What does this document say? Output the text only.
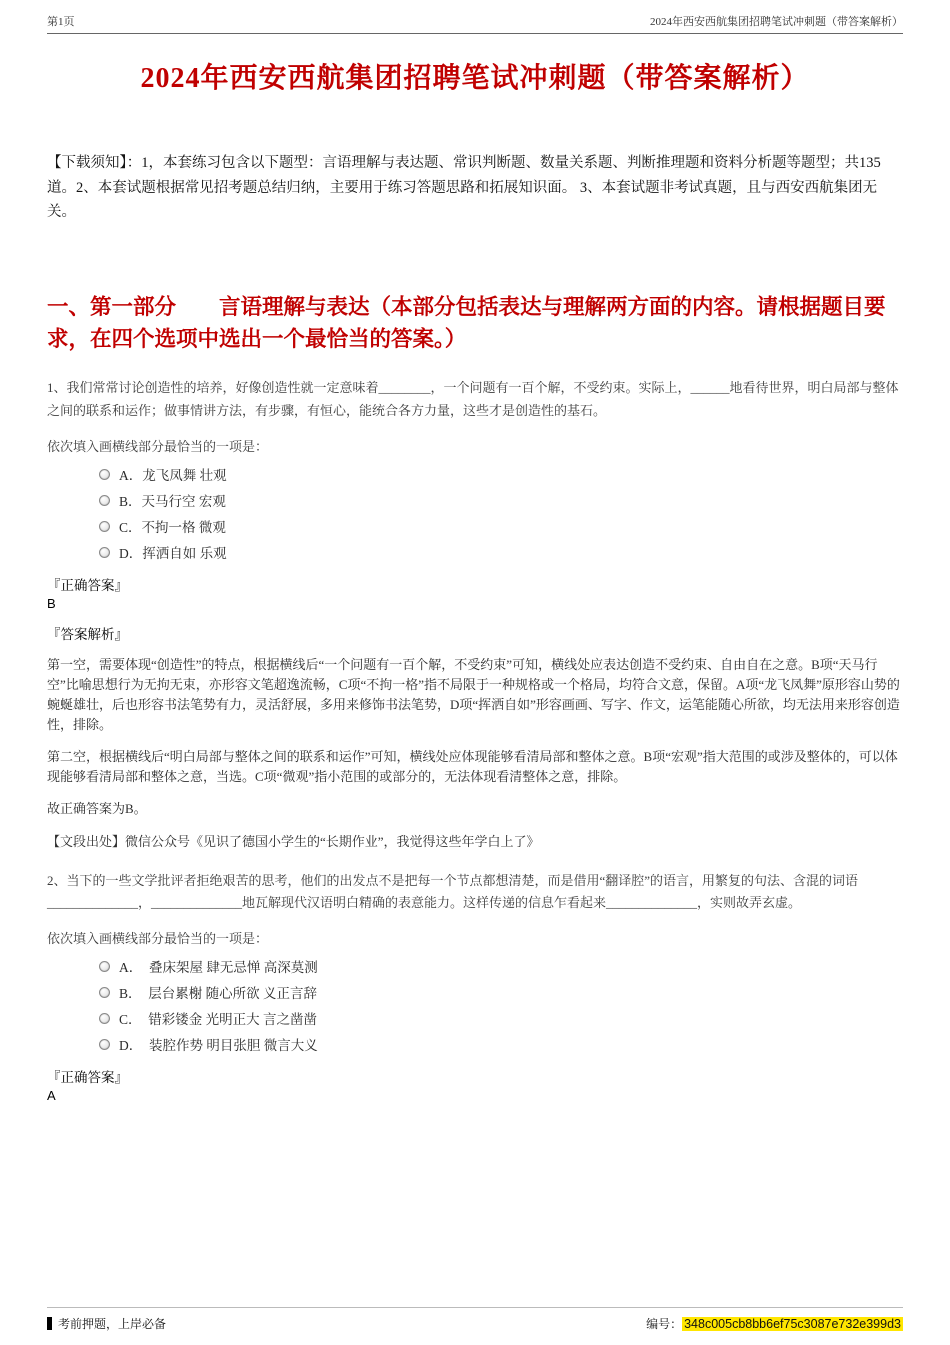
第1页	2024年西安西航集团招聘笔试冲刺题（带答案解析）
2024年西安西航集团招聘笔试冲刺题（带答案解析）

【下载须知】：1，本套练习包含以下题型：言语理解与表达题、常识判断题、数量关系题、判断推理题和资料分析题等题型；共135道。2、本套试题根据常见招考题总结归纳，主要用于练习答题思路和拓展知识面。 3、本套试题非考试真题，且与西安西航集团无关。

一、第一部分　　言语理解与表达（本部分包括表达与理解两方面的内容。请根据题目要求，在四个选项中选出一个最恰当的答案。）

1、我们常常讨论创造性的培养，好像创造性就一定意味着________，一个问题有一百个解，不受约束。实际上，______地看待世界，明白局部与整体之间的联系和运作；做事情讲方法，有步骤，有恒心，能统合各方力量，这些才是创造性的基石。

依次填入画横线部分最恰当的一项是：

A．龙飞凤舞 壮观
B．天马行空 宏观
C．不拘一格 微观
D．挥洒自如 乐观

『正确答案』

B

『答案解析』

第一空，需要体现“创造性”的特点，根据横线后“一个问题有一百个解，不受约束”可知，横线处应表达创造不受约束、自由自在之意。B项“天马行空”比喻思想行为无拘无束，亦形容文笔超逸流畅，C项“不拘一格”指不局限于一种规格或一个格局，均符合文意，保留。A项“龙飞凤舞”原形容山势的蜿蜒雄壮，后也形容书法笔势有力，灵活舒展，多用来修饰书法笔势，D项“挥洒自如”形容画画、写字、作文，运笔能随心所欲，均无法用来形容创造性，排除。

第二空，根据横线后“明白局部与整体之间的联系和运作”可知，横线处应体现能够看清局部和整体之意。B项“宏观”指大范围的或涉及整体的，可以体现能够看清局部和整体之意，当选。C项“微观”指小范围的或部分的，无法体现看清整体之意，排除。

故正确答案为B。

【文段出处】微信公众号《见识了德国小学生的“长期作业”，我觉得这些年学白上了》

2、当下的一些文学批评者拒绝艰苦的思考，他们的出发点不是把每一个节点都想清楚，而是借用“翻译腔”的语言，用繁复的句法、含混的词语______________，______________地瓦解现代汉语明白精确的表意能力。这样传递的信息乍看起来______________，实则故弄玄虚。

依次填入画横线部分最恰当的一项是：

A．　叠床架屋 肆无忌惮 高深莫测
B．　层台累榭 随心所欲 义正言辞
C．　错彩镂金 光明正大 言之凿凿
D．　装腔作势 明目张胆 微言大义

『正确答案』

A

考前押题，上岸必备	编号： 348c005cb8bb6ef75c3087e732e399d3
